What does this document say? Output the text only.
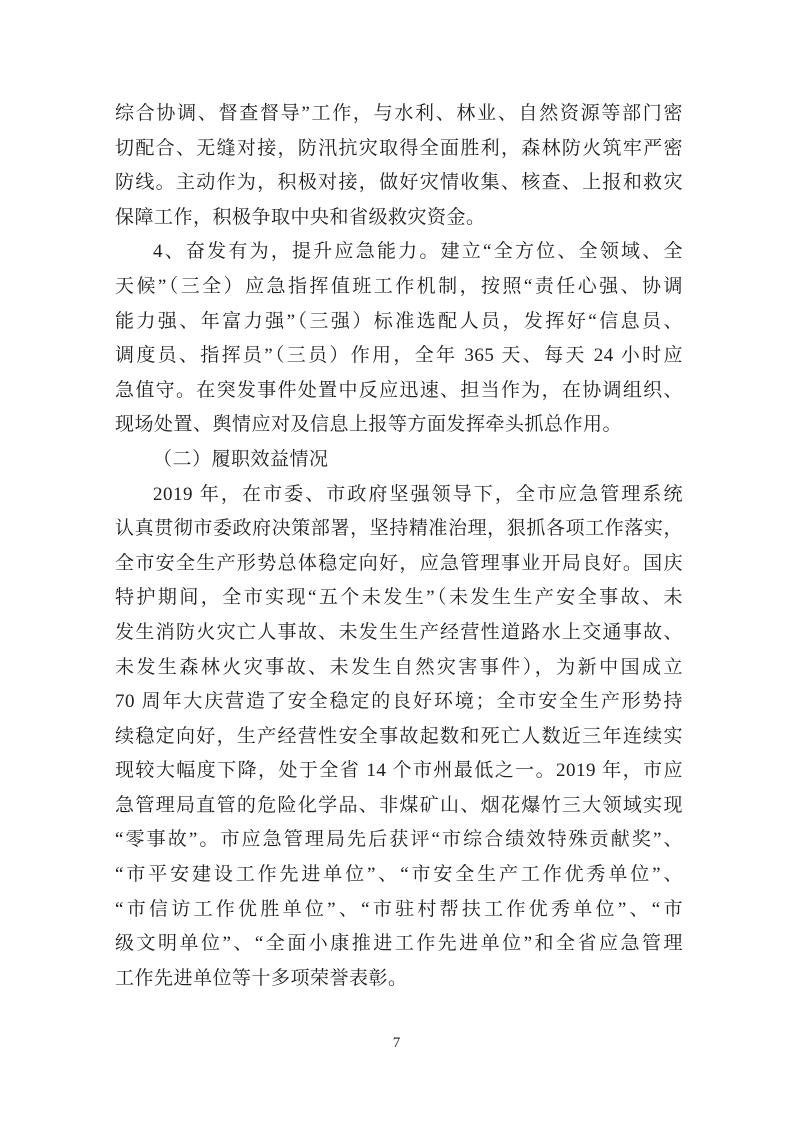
综合协调、督查督导”工作，与水利、林业、自然资源等部门密
切配合、无缝对接，防汛抗灾取得全面胜利，森林防火筑牢严密
防线。主动作为，积极对接，做好灾情收集、核查、上报和救灾
保障工作，积极争取中央和省级救灾资金。
4、奋发有为，提升应急能力。建立“全方位、全领域、全
天候”（三全）应急指挥值班工作机制，按照“责任心强、协调
能力强、年富力强”（三强）标准选配人员，发挥好“信息员、
调度员、指挥员”（三员）作用，全年 365 天、每天 24 小时应
急值守。在突发事件处置中反应迅速、担当作为，在协调组织、
现场处置、舆情应对及信息上报等方面发挥牵头抓总作用。
（二）履职效益情况
2019 年，在市委、市政府坚强领导下，全市应急管理系统
认真贯彻市委政府决策部署，坚持精准治理，狠抓各项工作落实，
全市安全生产形势总体稳定向好，应急管理事业开局良好。国庆
特护期间，全市实现“五个未发生”（未发生生产安全事故、未
发生消防火灾亡人事故、未发生生产经营性道路水上交通事故、
未发生森林火灾事故、未发生自然灾害事件），为新中国成立
70 周年大庆营造了安全稳定的良好环境；全市安全生产形势持
续稳定向好，生产经营性安全事故起数和死亡人数近三年连续实
现较大幅度下降，处于全省 14 个市州最低之一。2019 年，市应
急管理局直管的危险化学品、非煤矿山、烟花爆竹三大领域实现
“零事故”。市应急管理局先后获评“市综合绩效特殊贡献奖”、
“市平安建设工作先进单位”、“市安全生产工作优秀单位”、
“市信访工作优胜单位”、“市驻村帮扶工作优秀单位”、“市
级文明单位”、“全面小康推进工作先进单位”和全省应急管理
工作先进单位等十多项荣誉表彰。
7
